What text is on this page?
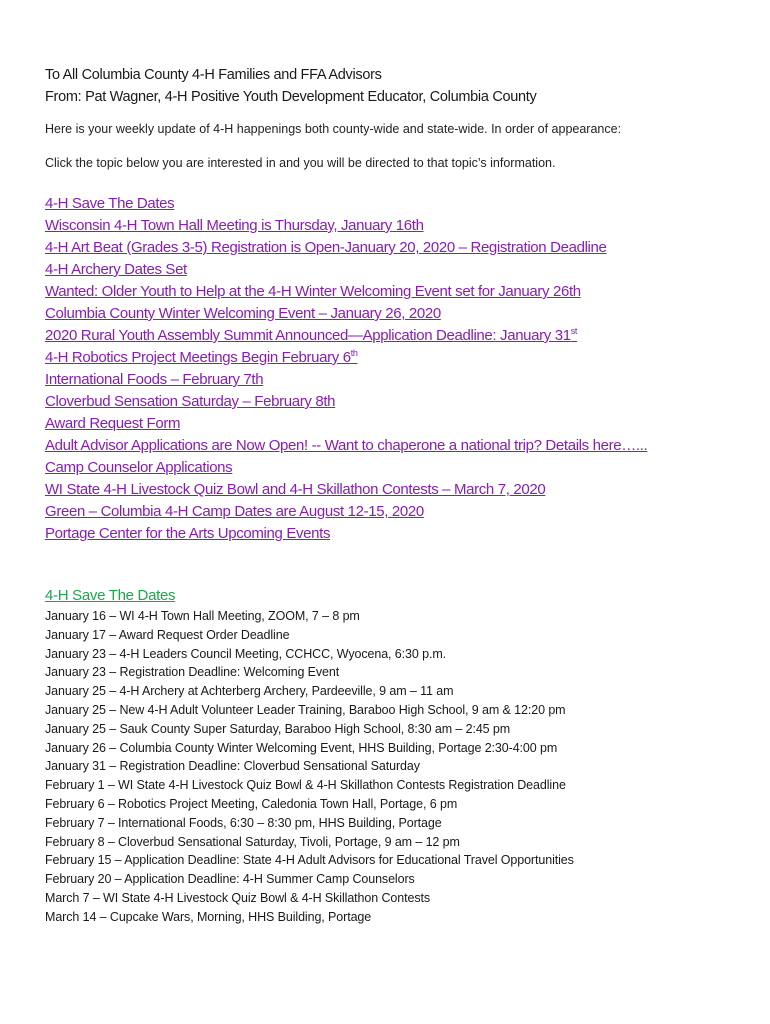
To All Columbia County 4-H Families and FFA Advisors
From: Pat Wagner, 4-H Positive Youth Development Educator, Columbia County

Here is your weekly update of 4-H happenings both county-wide and state-wide. In order of appearance:

Click the topic below you are interested in and you will be directed to that topic’s information.

4-H Save The Dates
Wisconsin 4-H Town Hall Meeting is Thursday, January 16th
4-H Art Beat (Grades 3-5) Registration is Open-January 20, 2020 – Registration Deadline
4-H Archery Dates Set
Wanted: Older Youth to Help at the 4-H Winter Welcoming Event set for January 26th
Columbia County Winter Welcoming Event – January 26, 2020
2020 Rural Youth Assembly Summit Announced—Application Deadline: January 31st
4-H Robotics Project Meetings Begin February 6th
International Foods – February 7th
Cloverbud Sensation Saturday – February 8th
Award Request Form
Adult Advisor Applications are Now Open! -- Want to chaperone a national trip? Details here…...
Camp Counselor Applications
WI State 4-H Livestock Quiz Bowl and 4-H Skillathon Contests – March 7, 2020
Green – Columbia 4-H Camp Dates are August 12-15, 2020
Portage Center for the Arts Upcoming Events
4-H Save The Dates
January 16 – WI 4-H Town Hall Meeting, ZOOM, 7 – 8 pm
January 17 – Award Request Order Deadline
January 23 – 4-H Leaders Council Meeting, CCHCC, Wyocena, 6:30 p.m.
January 23 – Registration Deadline: Welcoming Event
January 25 – 4-H Archery at Achterberg Archery, Pardeeville, 9 am – 11 am
January 25 – New 4-H Adult Volunteer Leader Training, Baraboo High School, 9 am & 12:20 pm
January 25 – Sauk County Super Saturday, Baraboo High School, 8:30 am – 2:45 pm
January 26 – Columbia County Winter Welcoming Event, HHS Building, Portage 2:30-4:00 pm
January 31 – Registration Deadline: Cloverbud Sensational Saturday
February 1 – WI State 4-H Livestock Quiz Bowl & 4-H Skillathon Contests Registration Deadline
February 6 – Robotics Project Meeting, Caledonia Town Hall, Portage, 6 pm
February 7 – International Foods, 6:30 – 8:30 pm, HHS Building, Portage
February 8 – Cloverbud Sensational Saturday, Tivoli, Portage, 9 am – 12 pm
February 15 – Application Deadline: State 4-H Adult Advisors for Educational Travel Opportunities
February 20 – Application Deadline: 4-H Summer Camp Counselors
March 7 – WI State 4-H Livestock Quiz Bowl & 4-H Skillathon Contests
March 14 – Cupcake Wars, Morning, HHS Building, Portage
